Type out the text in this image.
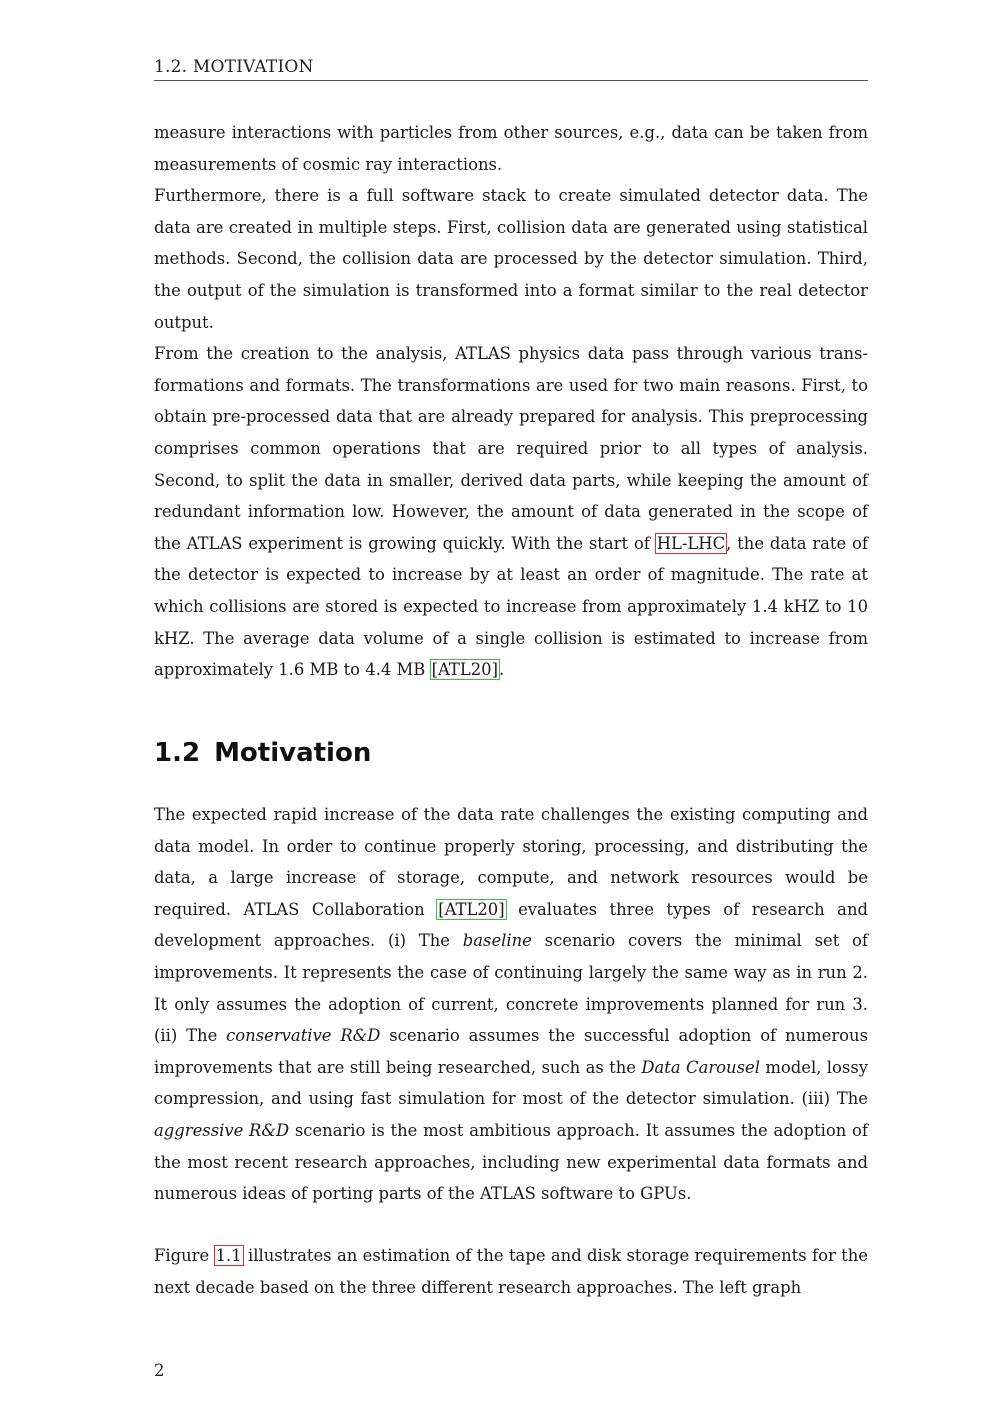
1.2. MOTIVATION

measure interactions with particles from other sources, e.g., data can be taken from measurements of cosmic ray interactions.

Furthermore, there is a full software stack to create simulated detector data. The data are created in multiple steps. First, collision data are generated using statistical methods. Second, the collision data are processed by the detector simulation. Third, the output of the simulation is transformed into a format similar to the real detector output.

From the creation to the analysis, ATLAS physics data pass through various transformations and formats. The transformations are used for two main reasons. First, to obtain pre-processed data that are already prepared for analysis. This preprocessing comprises common operations that are required prior to all types of analysis. Second, to split the data in smaller, derived data parts, while keeping the amount of redundant information low. However, the amount of data generated in the scope of the ATLAS experiment is growing quickly. With the start of HL-LHC, the data rate of the detector is expected to increase by at least an order of magnitude. The rate at which collisions are stored is expected to increase from approximately 1.4 kHZ to 10 kHZ. The average data volume of a single collision is estimated to increase from approximately 1.6 MB to 4.4 MB [ATL20].

1.2 Motivation

The expected rapid increase of the data rate challenges the existing computing and data model. In order to continue properly storing, processing, and distributing the data, a large increase of storage, compute, and network resources would be required. ATLAS Collaboration [ATL20] evaluates three types of research and development approaches. (i) The baseline scenario covers the minimal set of improvements. It represents the case of continuing largely the same way as in run 2. It only assumes the adoption of current, concrete improvements planned for run 3. (ii) The conservative R&D scenario assumes the successful adoption of numerous improvements that are still being researched, such as the Data Carousel model, lossy compression, and using fast simulation for most of the detector simulation. (iii) The aggressive R&D scenario is the most ambitious approach. It assumes the adoption of the most recent research approaches, including new experimental data formats and numerous ideas of porting parts of the ATLAS software to GPUs.

Figure 1.1 illustrates an estimation of the tape and disk storage requirements for the next decade based on the three different research approaches. The left graph

2
